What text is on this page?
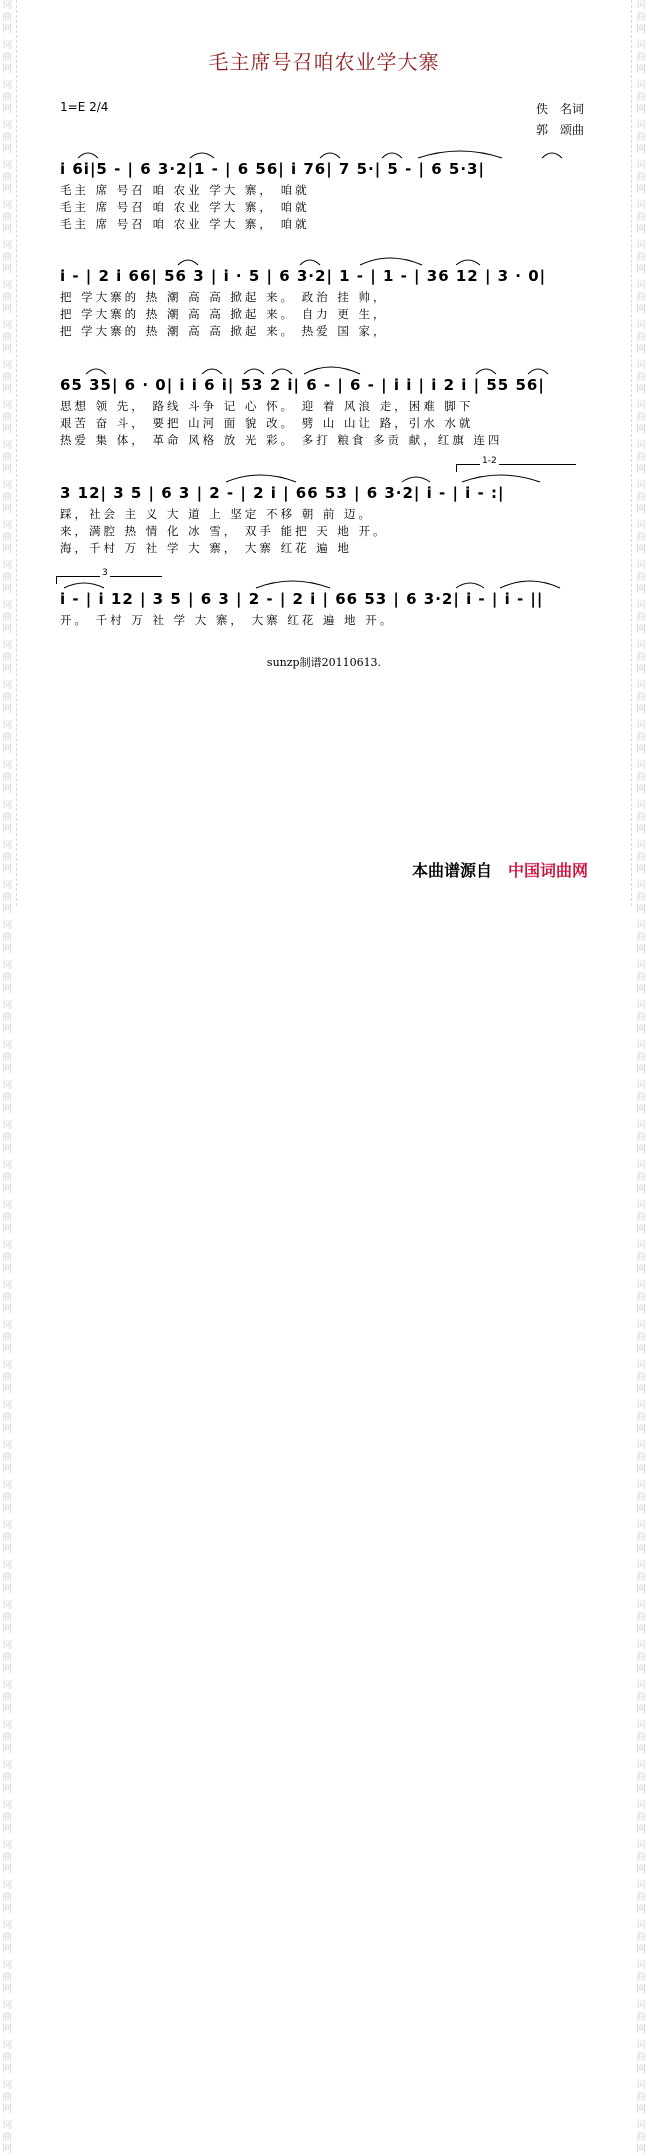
词曲网
词曲网
词曲网
词曲网
词曲网
词曲网
词曲网
词曲网
词曲网
词曲网
词曲网
词曲网
词曲网
词曲网
词曲网
词曲网
词曲网
词曲网
词曲网
词曲网
词曲网
词曲网
词曲网
词曲网
词曲网
词曲网
词曲网
词曲网
词曲网
词曲网
词曲网
词曲网
词曲网
词曲网
词曲网
词曲网
词曲网
词曲网
词曲网
词曲网
词曲网
词曲网
词曲网
词曲网
词曲网
词曲网
词曲网
词曲网
词曲网
词曲网
词曲网
词曲网
词曲网
词曲网
词曲网
词曲网
词曲网
词曲网
词曲网
词曲网
词曲网
词曲网
词曲网
词曲网
词曲网
词曲网
词曲网
词曲网
词曲网
词曲网
词曲网
词曲网
词曲网
词曲网
词曲网
词曲网
词曲网
词曲网
词曲网
词曲网
词曲网
词曲网
词曲网
词曲网
词曲网
词曲网
词曲网
词曲网
词曲网
词曲网
词曲网
词曲网
词曲网
词曲网
词曲网
词曲网
词曲网
词曲网
词曲网
词曲网
词曲网
词曲网
词曲网
词曲网
词曲网
词曲网
词曲网
词曲网
毛主席号召咱农业学大寨
1=E 2/4	佚　名词
郭　颂曲
i 6i|5 - | 6 3·2|1 - | 6 56| i 76| 7 5·| 5 - | 6 5·3|
毛主 席 号召 咱 农业 学大 寨， 咱就
毛主 席 号召 咱 农业 学大 寨， 咱就
毛主 席 号召 咱 农业 学大 寨， 咱就
i - | 2 i 66| 56 3 | i · 5 | 6 3·2| 1 - | 1 - | 36 12 | 3 · 0|
把 学大寨的 热 潮 高 高 掀起 来。 政治 挂 帅，
把 学大寨的 热 潮 高 高 掀起 来。 自力 更 生，
把 学大寨的 热 潮 高 高 掀起 来。 热爱 国 家，
65 35| 6 · 0| i i 6 i| 53 2 i| 6 - | 6 - | i i | i 2 i | 55 56|
思想 领 先， 路线 斗争 记 心 怀。 迎 着 风浪 走，困难 脚下
艰苦 奋 斗， 要把 山河 面 貌 改。 劈 山 山让 路，引水 水就
热爱 集 体， 革命 风格 放 光 彩。 多打 粮食 多贡 献，红旗 连四
1-2
3 12| 3 5 | 6 3 | 2 - | 2 i | 66 53 | 6 3·2| i - | i - :|
踩，社会 主 义 大 道 上 坚定 不移 朝 前 迈。
来，满腔 热 情 化 冰 雪， 双手 能把 天 地 开。
海，千村 万 社 学 大 寨， 大寨 红花 遍 地
3
i - | i 12 | 3 5 | 6 3 | 2 - | 2 i | 66 53 | 6 3·2| i - | i - ||
开。 千村 万 社 学 大 寨， 大寨 红花 遍 地 开。
sunzp制谱20110613.
本曲谱源自 中国词曲网
